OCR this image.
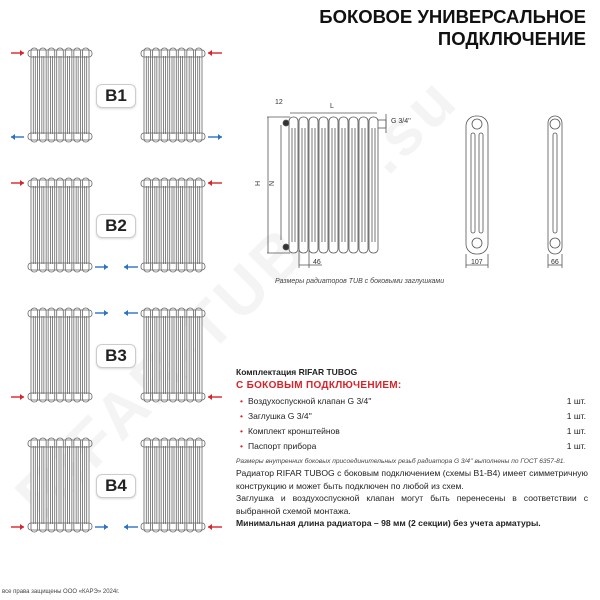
БОКОВОЕ УНИВЕРСАЛЬНОЕ
ПОДКЛЮЧЕНИЕ
B1
B2
B3
B4
12
L
G 3/4''
H N
46	107	66
Размеры радиаторов TUB с боковыми заглушками
Комплектация RIFAR TUBOG
С БОКОВЫМ ПОДКЛЮЧЕНИЕМ:
• Воздухоспускной клапан G 3/4''	1 шт.
• Заглушка G 3/4''	1 шт.
• Комплект кронштейнов	1 шт.
• Паспорт прибора	1 шт.
Размеры внутренних боковых присоединительных резьб радиатора G 3/4'' выполнены по ГОСТ 6357-81.
Радиатор RIFAR TUBOG с боковым подключением (схемы B1-B4) имеет симметричную конструкцию и может быть подключен по любой из схем.
Заглушка и воздухоспускной клапан могут быть перенесены в соответствии с выбранной схемой монтажа.
Минимальная длина радиатора – 98 мм (2 секции) без учета арматуры.
все права защищены ООО «КАРЭ» 2024г.
